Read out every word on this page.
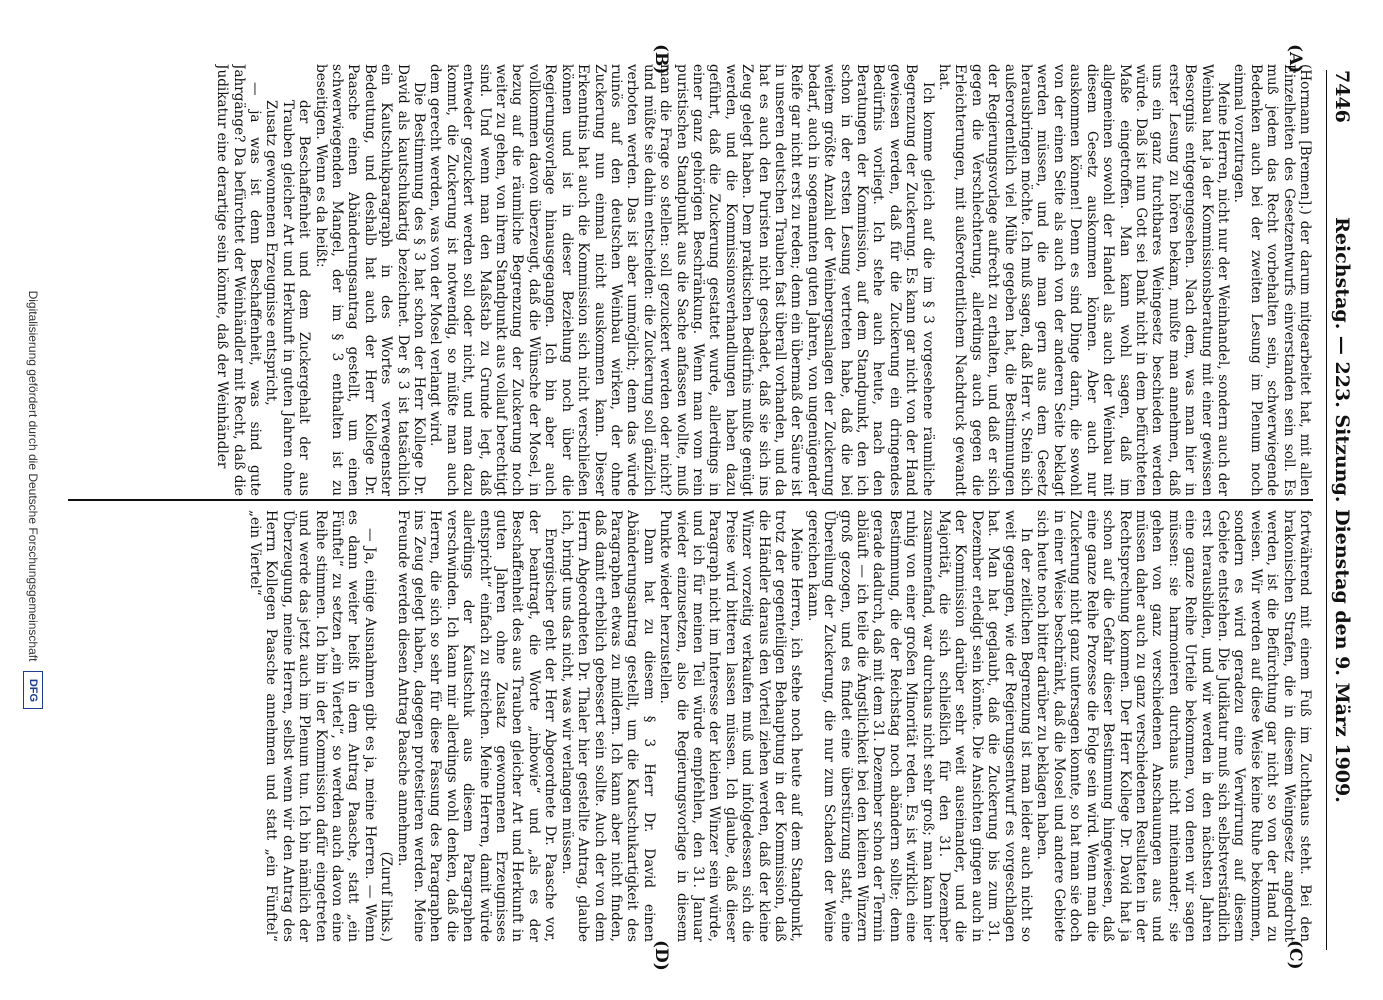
7446
Reichstag. — 223. Sitzung. Dienstag den 9. März 1909.
(A)
(B)
(C)
(D)

(Hormann [Bremen].) der darum mitgearbeitet hat, mit allen Einzelheiten des Gesetzentwurfs einverstanden sein soll. Es muß jedem das Recht vorbehalten sein, schwerwiegende Bedenken auch bei der zweiten Lesung im Plenum noch einmal vorzutragen.

Meine Herren, nicht nur der Weinhandel, sondern auch der Weinbau hat ja der Kommissionsberatung mit einer gewissen Besorgnis entgegengesehen. Nach dem, was man hier in erster Lesung zu hören bekam, mußte man annehmen, daß uns ein ganz furchtbares Weingesetz beschieden werden würde. Daß ist nun Gott sei Dank nicht in dem befürchteten Maße eingetroffen. Man kann wohl sagen, daß im allgemeinen sowohl der Handel als auch der Weinbau mit diesem Gesetz auskommen können. Aber auch nur auskommen können! Denn es sind Dinge darin, die sowohl von der einen Seite als auch von der anderen Seite beklagt werden müssen, und die man gern aus dem Gesetz herausbringen möchte. Ich muß sagen, daß Herr v. Stein sich außerordentlich viel Mühe gegeben hat, die Bestimmungen der Regierungsvorlage aufrecht zu erhalten, und daß er sich gegen die Verschlechterung, allerdings auch gegen die Erleichterungen, mit außerordentlichem Nachdruck gewandt hat.

Ich komme gleich auf die im § 3 vorgesehene räumliche Begrenzung der Zuckerung. Es kann gar nicht von der Hand gewiesen werden, daß für die Zuckerung ein dringendes Bedürfnis vorliegt. Ich stehe auch heute, nach den Beratungen der Kommission, auf dem Standpunkt, den ich schon in der ersten Lesung vertreten habe, daß die bei weitem größte Anzahl der Weinbergsanlagen der Zuckerung bedarf, auch in sogenannten guten Jahren, von ungenügender Reife gar nicht erst zu reden; denn ein übermaß der Säure ist in unseren deutschen Trauben fast überall vorhanden, und da hat es auch den Puristen nicht geschadet, daß sie sich ins Zeug gelegt haben. Dem praktischen Bedürfnis mußte genügt werden, und die Kommissionsverhandlungen haben dazu geführt, daß die Zuckerung gestattet wurde, allerdings in einer ganz gehörigen Beschränkung. Wenn man vom rein puristischen Standpunkt aus die Sache anfassen wollte, muß man die Frage so stellen: soll gezuckert werden oder nicht? und müßte sie dahin entscheiden: die Zuckerung soll gänzlich verboten werden. Das ist aber unmöglich; denn das würde ruinös auf den deutschen Weinbau wirken, der ohne Zuckerung nun einmal nicht auskommen kann. Dieser Erkenntnis hat auch die Kommission sich nicht verschließen können und ist in dieser Beziehung noch über die Regierungsvorlage hinausgegangen. Ich bin aber auch vollkommen davon überzeugt, daß die Wünsche der Mosel, in bezug auf die räumliche Begrenzung der Zuckerung noch weiter zu gehen, von ihrem Standpunkt aus vollauf berechtigt sind. Und wenn man den Maßstab zu Grunde legt, daß entweder gezuckert werden soll oder nicht, und man dazu kommt, die Zuckerung ist notwendig, so müßte man auch dem gerecht werden, was von der Mosel verlangt wird.

Die Bestimmung des § 3 hat schon der Herr Kollege Dr. David als kautschukartig bezeichnet. Der § 3 ist tatsächlich ein Kautschukparagraph in des Wortes verwegenster Bedeutung, und deshalb hat auch der Herr Kollege Dr. Paasche einen Abänderungsantrag gestellt, um einen schwerwiegenden Mangel, der im § 3 enthalten ist zu beseitigen. Wenn es da heißt:

der Beschaffenheit und dem Zuckergehalt der aus Trauben gleicher Art und Herkunft in guten Jahren ohne Zusatz gewonnenen Erzeugnisse entspricht,

— ja was ist denn Beschaffenheit, was sind gute Jahrgänge? Da befürchtet der Weinhändler mit Recht, daß die Judikatur eine derartige sein könnte, daß der Weinhändler

fortwährend mit einem Fuß im Zuchthaus steht. Bei den brakonischen Strafen, die in diesem Weingesetz angedroht werden, ist die Befürchtung gar nicht so von der Hand zu weisen. Wir werden auf diese Weise keine Ruhe bekommen, sondern es wird geradezu eine Verwirrung auf diesem Gebiete entstehen. Die Judikatur muß sich selbstverständlich erst herausbilden, und wir werden in den nächsten Jahren eine ganze Reihe Urteile bekommen, von denen wir sagen müssen: sie harmonieren durchaus nicht miteinander; sie gehen von ganz verschiedenen Anschauungen aus und müssen daher auch zu ganz verschiedenen Resultaten in der Rechtsprechung kommen. Der Herr Kollege Dr. David hat ja schon auf die Gefahr dieser Bestimmung hingewiesen, daß eine ganze Reihe Prozesse die Folge sein wird. Wenn man die Zuckerung nicht ganz untersagen konnte, so hat man sie doch in einer Weise beschränkt, daß die Mosel und andere Gebiete sich heute noch bitter darüber zu beklagen haben.

In der zeitlichen Begrenzung ist man leider auch nicht so weit gegangen, wie der Regierungsentwurf es vorgeschlagen hat. Man hat geglaubt, daß die Zuckerung bis zum 31. Dezember erledigt sein könnte. Die Ansichten gingen auch in der Kommission darüber sehr weit auseinander, und die Majorität, die sich schließlich für den 31. Dezember zusammenfand, war durchaus nicht sehr groß; man kann hier ruhig von einer großen Minorität reden. Es ist wirklich eine Bestimmung, die der Reichstag noch abändern sollte; denn gerade dadurch, daß mit dem 31. Dezember schon der Termin abläuft — ich teile die Ängstlichkeit bei den kleinen Winzern groß gezogen, und es findet eine überstürzung statt, eine Übereilung der Zuckerung, die nur zum Schaden der Weine gereichen kann.

Meine Herren, ich stehe noch heute auf dem Standpunkt, trotz der gegenteiligen Behauptung in der Kommission, daß die Händler daraus den Vorteil ziehen werden, daß der kleine Winzer vorzeitig verkaufen muß und infolgedessen sich die Preise wird bitteren lassen müssen. Ich glaube, daß dieser Paragraph nicht im Interesse der kleinen Winzer sein würde, und ich für meinen Teil würde empfehlen, den 31. Januar wieder einzusetzen, also die Regierungsvorlage in diesem Punkte wieder herzustellen.

Dann hat zu diesem § 3 Herr Dr. David einen Abänderungsantrag gestellt, um die Kautschukartigkeit des Paragraphen etwas zu mildern. Ich kann aber nicht finden, daß damit erheblich gebessert sein sollte. Auch der von dem Herrn Abgeordneten Dr. Thaler hier gestellte Antrag, glaube ich, bringt uns das nicht, was wir verlangen müssen.

Energischer geht der Herr Abgeordnete Dr. Paasche vor, der beantragt, die Worte „inbowie“ und „als es der Beschaffenheit des aus Trauben gleicher Art und Herkunft in guten Jahren ohne Zusatz gewonnenen Erzeugnisses entspricht“ einfach zu streichen. Meine Herren, damit würde allerdings der Kautschuk aus diesem Paragraphen verschwinden. Ich kann mir allerdings wohl denken, daß die Herren, die sich so sehr für diese Fassung des Paragraphen ins Zeug gelegt haben, dagegen protestieren werden. Meine Freunde werden diesen Antrag Paasche annehmen.

(Zuruf links.)

— Ja, einige Ausnahmen gibt es ja, meine Herren. — Wenn es dann weiter heißt in dem Antrag Paasche, statt „ein Fünftel“ zu setzen „ein Viertel“, so werden auch davon eine Reihe stimmen. Ich bin in der Kommission dafür eingetreten und werde das jetzt auch im Plenum tun. Ich bin nämlich der Überzeugung, meine Herren, selbst wenn wir den Antrag des Herrn Kollegen Paasche annehmen und statt „ein Fünftel“ „ein Viertel“

Digitalisierung gefördert durch die Deutsche Forschungsgemeinschaft
DFG
